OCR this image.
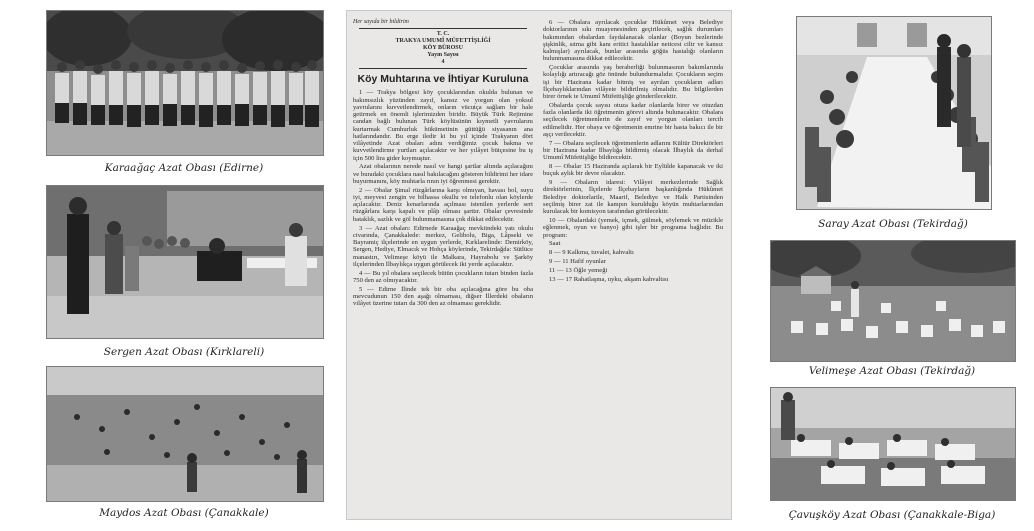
Karaağaç Azat Obası (Edirne)
Sergen Azat Obası (Kırklareli)
Maydos Azat Obası (Çanakkale)
Her sayıda bir bildirim
T. C.
TRAKYA UMUMÎ MÜFETTİŞLİĞİ
KÖY BÜROSU
Yayın Sayısı
4
Köy Muhtarına ve İhtiyar Kuruluna

1 — Trakya bölgesi köy çocuklarından okulda bulunan ve bakımsızlık yüzünden zayıf, kansız ve yorgun olan yoksul yavrularını kuvvetlendirmek, onların vücutça sağlam bir hale getirmek en önemli işlerimizden biridir. Büyük Türk Rejimine candan bağlı bulunan Türk köylüsünün kıymetli yavrularını kurtarmak Cumhurluk hükümetinin güttüğü siyasanın ana hatlarındandır. Bu erge iledir ki bu yıl içinde Trakyanın dört vilâyetinde Azat obaları adını verdiğimiz çocuk bakma ve kuvvetlendirme yurtları açılacaktır ve her yılâyet bütçesine bu iş için 500 lira gider koymuştur.

Azat obalarının nerede nasıl ve hangi şartlar altında açılacağını ve buradaki çocuklara nasıl bakılacağını gösteren bildirimi her idare buyurmanını, köy muhtarla rının iyi öğrenmesi gerektir.

2 — Obalar Şimal rüzgârlarına karşı olmıyan, havası bol, suyu iyi, meyvesi zengin ve bilhassa okullu ve telefonlu olan köylerde açılacaktır. Deniz kenarlarında açılması istenilen yerlerde sert rüzgârlara karşı kapalı ve plâjı olması şarttır. Obalar çevresinde bataklık, sazlık ve göl bulunmamasına çok dikkat edilecektir.

3 — Azat obaları: Edirnede Karaağaç mevkiindeki yatı okulu civarında, Çanakkalede: merkez, Gelibolu, Biga, Lâpseki ve Bayramiç ilçelerinde en uygun yerlerde, Kırklarelinde: Demirköy, Sergen, Hediye, Elmacık ve Hohça köylerinde, Tekirdağda: Sütlüce manastırı, Velimeşe köyü ile Malkara, Hayrabolu ve Şarköy ilçelerinden İlbaylıkça uygun görülecek iki yerde açılacaktır.

4 — Bu yıl obalara seçilecek bütün çocukların tutarı binden fazla 750 den az olmıyacaktır.

5 — Edirne İlinde tek bir oba açılacağına göre bu oba mevcudunun 150 den aşağı olmaması, diğser İllerdeki obaların vilâyet üzerine tutarı da 300 den az olmaması gereklidir.

6 — Obalara ayrılacak çocuklar Hükûmet veya Belediye doktorlarının sıkı muayenesinden geçirilecek, sağlık durumları bakımından obalardan faydalanacak olanlar (Boyun bezlerinde şişkinlik, sıtma gibi kanı eritici hastalıklar neticesi ciltr ve kansız kalmışlar) ayrılacak, bunlar arasında göğüs hastalığı olanların bulunmamasına dikkat edilecektir.

Çocuklar arasında yaş beraberliği bulunmasının bakımlarında kolaylığı artıracağı göz önünde bulundurmalıdır. Çocukların seçim işi bir Hazirana kadar bitmiş ve ayrılan çocukların adları İlçebaylıklarından vilâyete bildirilmiş olmalıdır. Bu bilgilerden birer örnek te Umumî Müfettişliğe gönderilecektir.

Obalarda çocuk sayısı otuza kadar olanlarda birer ve otuzdan fazla olanlarda iki öğretmenin görevi altında bulunacaktır. Obalara seçilecek öğretmenlerin de zayıf ve yorgun olanları tercih edilmelidir. Her obaya ve öğretmenin emrine bir hasta bakıcı ile bir aşçı verilecektir.

7 — Obalara seçilecek öğretmenlerin adlarını Kültür Direktörleri bir Hazirana kadar İlbaylığa bildirmiş olacak İlbaylık da derhal Umumî Müfettişliğe bildirecektir.

8 — Obalar 15 Haziranda açılarak bir Eylülde kapanacak ve iki buçuk aylık bir devre olacaktır.

9 — Obaların idaresi: Vilâyet merkezlerinde Sağlık direktörlerinin, İlçelerde İlçebayların başkanlığında Hükûmet Belediye doktorlarile, Maarif, Belediye ve Halk Partisinden seçilmiş birer zat ile kampın kurulduğu köyün muhtarlarından kurulacak bir komisyon tarafından görülecektir.

10 — Obalardaki (yemek, içmek, gülmek, söylemek ve müzikle eğlenmek, oyun ve banyo) gibi işler bir programa bağlıdır. Bu program:

Saat

8 — 9 Kalkma, tuvalet, kahvaltı

9 — 11 Hafif oyunlar

11 — 13 Öğle yemeği

13 — 17 Rahatlaşma, uyku, akşam kahvaltısı

Saray Azat Obası (Tekirdağ)
Velimeşe Azat Obası (Tekirdağ)
Çavuşköy Azat Obası (Çanakkale-Biga)
